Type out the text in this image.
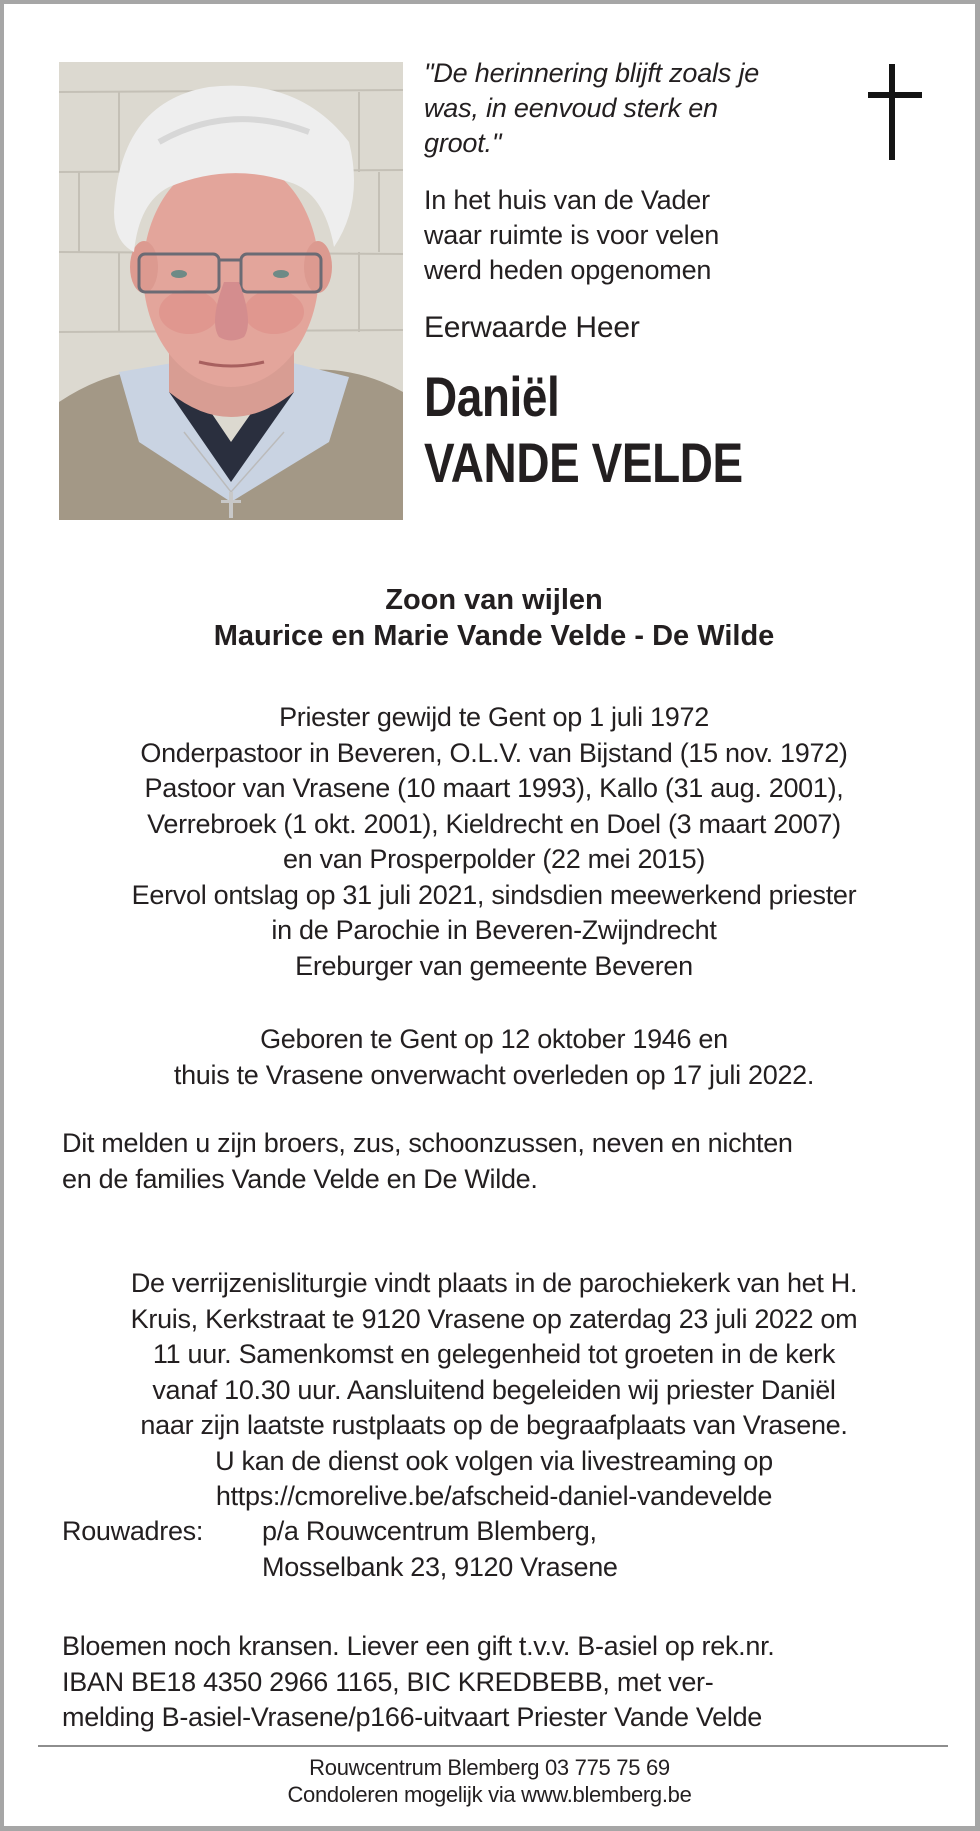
"De herinnering blijft zoals je
was, in eenvoud sterk en
groot."
In het huis van de Vader
waar ruimte is voor velen
werd heden opgenomen
Eerwaarde Heer
Daniël
VANDE VELDE
Zoon van wijlen
Maurice en Marie Vande Velde - De Wilde
Priester gewijd te Gent op 1 juli 1972
Onderpastoor in Beveren, O.L.V. van Bijstand (15 nov. 1972)
Pastoor van Vrasene (10 maart 1993), Kallo (31 aug. 2001),
Verrebroek (1 okt. 2001), Kieldrecht en Doel (3 maart 2007)
en van Prosperpolder (22 mei 2015)
Eervol ontslag op 31 juli 2021, sindsdien meewerkend priester
in de Parochie in Beveren-Zwijndrecht
Ereburger van gemeente Beveren
Geboren te Gent op 12 oktober 1946 en
thuis te Vrasene onverwacht overleden op 17 juli 2022.
Dit melden u zijn broers, zus, schoonzussen, neven en nichten
en de families Vande Velde en De Wilde.
De verrijzenisliturgie vindt plaats in de parochiekerk van het H.
Kruis, Kerkstraat te 9120 Vrasene op zaterdag 23 juli 2022 om
11 uur. Samenkomst en gelegenheid tot groeten in de kerk
vanaf 10.30 uur. Aansluitend begeleiden wij priester Daniël
naar zijn laatste rustplaats op de begraafplaats van Vrasene.
U kan de dienst ook volgen via livestreaming op
https://cmorelive.be/afscheid-daniel-vandevelde
Rouwadres:	p/a Rouwcentrum Blemberg,
Mosselbank 23, 9120 Vrasene
Bloemen noch kransen. Liever een gift t.v.v. B-asiel op rek.nr.
IBAN BE18 4350 2966 1165, BIC KREDBEBB, met ver-
melding B-asiel-Vrasene/p166-uitvaart Priester Vande Velde
Rouwcentrum Blemberg 03 775 75 69
Condoleren mogelijk via www.blemberg.be
